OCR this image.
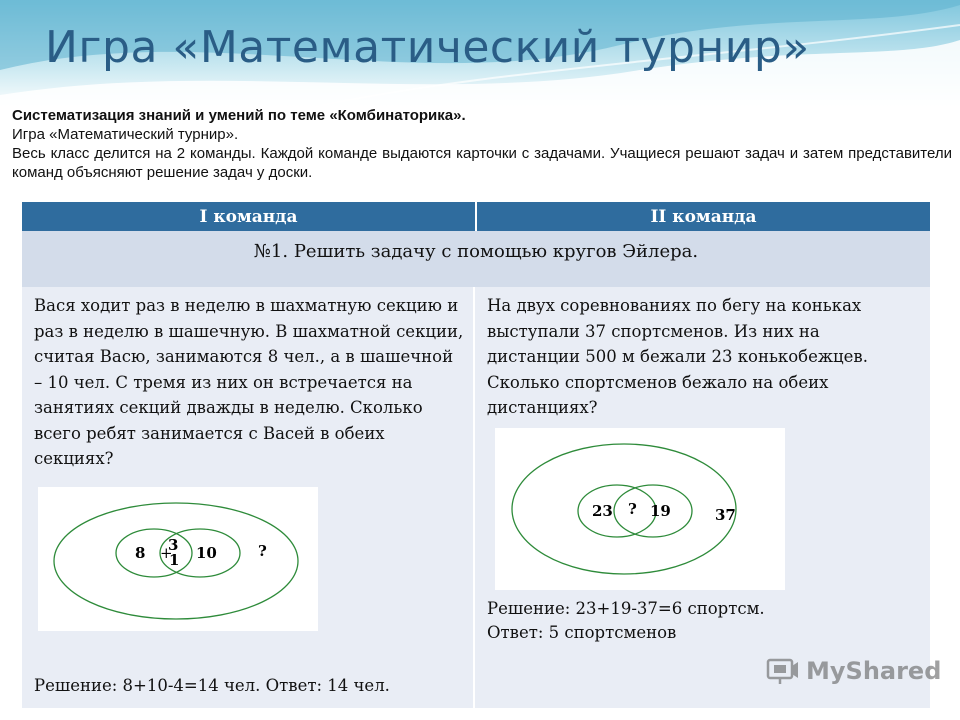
Игра «Математический турнир»
Систематизация знаний и умений по теме «Комбинаторика».
Игра «Математический турнир».
Весь класс делится на 2 команды. Каждой команде выдаются карточки с задачами. Учащиеся решают задач и затем представители команд объясняют решение задач у доски.
I команда	II команда
№1. Решить задачу с помощью кругов Эйлера.
Вася ходит раз в неделю в шахматную секцию и раз в неделю в шашечную. В шахматной секции, считая Васю, занимаются 8 чел., а в шашечной – 10 чел. С тремя из них он встречается на занятиях секций дважды в неделю. Сколько всего ребят занимается с Васей в обеих секциях?
8 +
3
1 10	?
Решение: 8+10-4=14 чел. Ответ: 14 чел.
На двух соревнованиях по бегу на коньках выступали 37 спортсменов. Из них на дистанции 500 м бежали 23 конькобежцев. Сколько спортсменов бежало на обеих дистанциях?
Решение: 23+19-37=6 спортсм.
Ответ: 5 спортсменов
23 ? 19	37
MyShared
